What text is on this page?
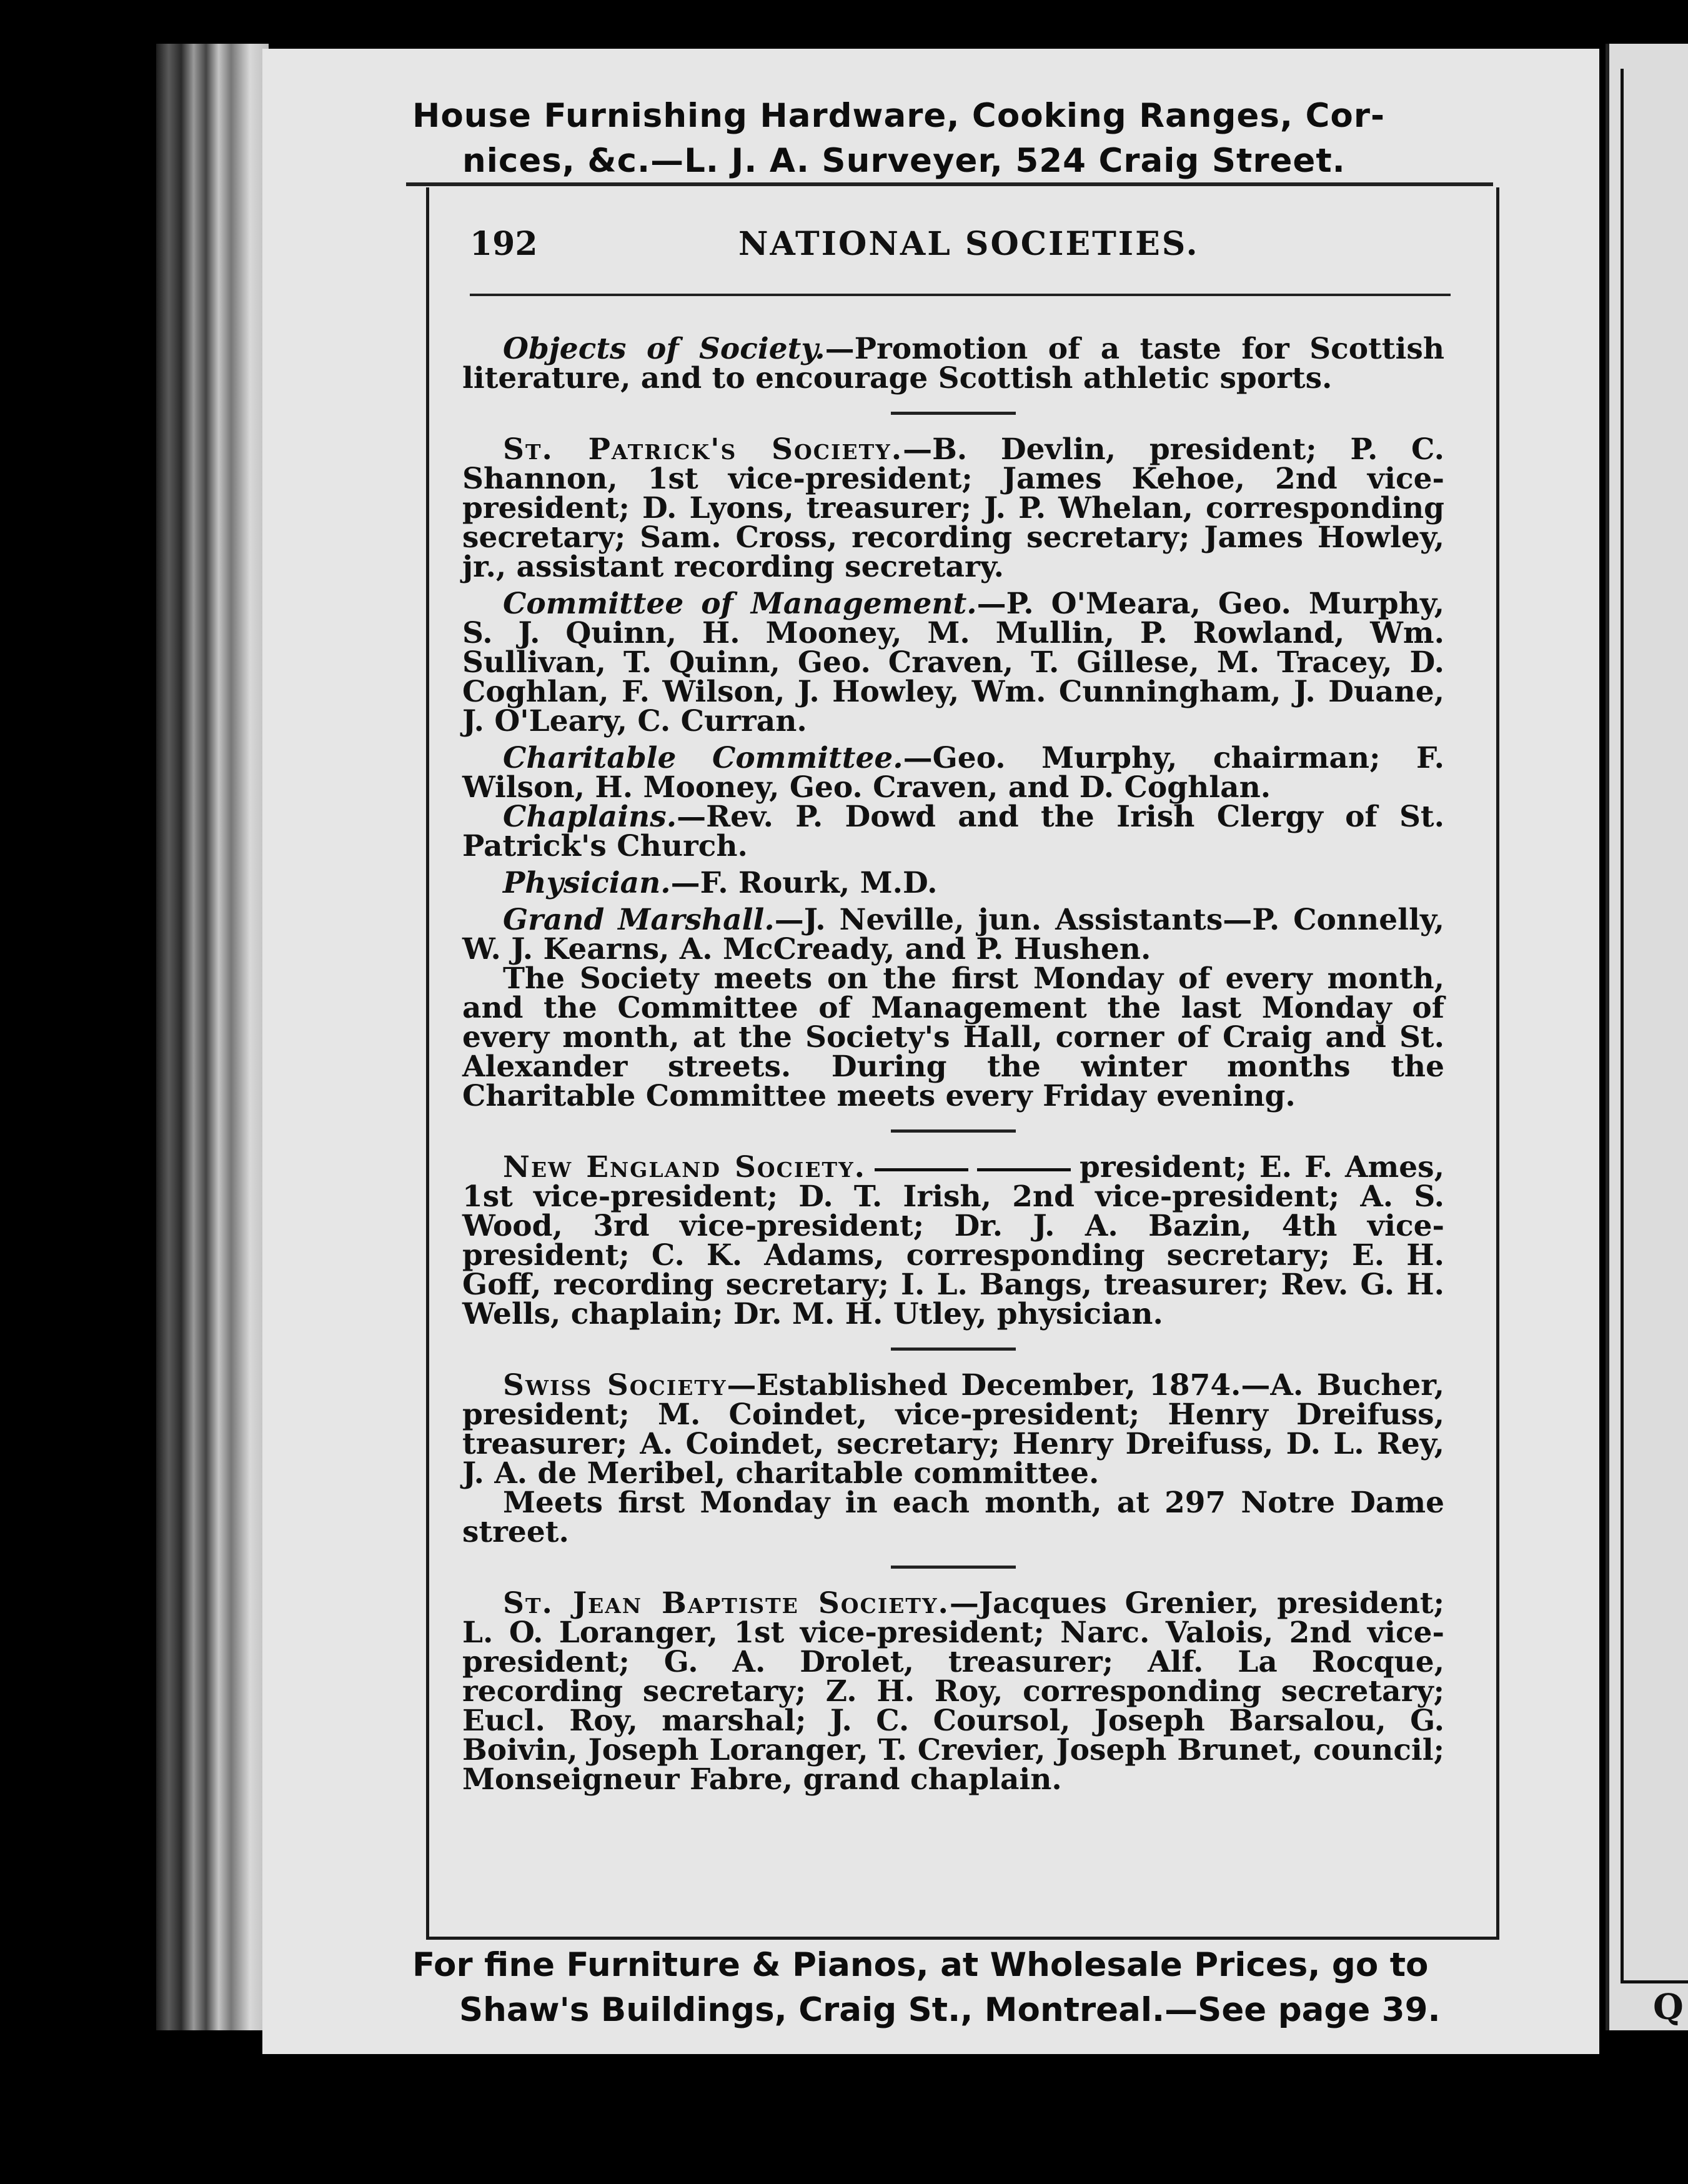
Q
House Furnishing Hardware, Cooking Ranges, Cor-
nices, &c.—L. J. A. Surveyer, 524 Craig Street.
192	NATIONAL SOCIETIES.

Objects of Society.—Promotion of a taste for Scottish literature, and to encourage Scottish athletic sports.

St. Patrick's Society.—B. Devlin, president; P. C. Shannon, 1st vice-president; James Kehoe, 2nd vice-president; D. Lyons, treasurer; J. P. Whelan, corresponding secretary; Sam. Cross, recording secretary; James Howley, jr., assistant recording secretary.

Committee of Management.—P. O'Meara, Geo. Murphy, S. J. Quinn, H. Mooney, M. Mullin, P. Rowland, Wm. Sullivan, T. Quinn, Geo. Craven, T. Gillese, M. Tracey, D. Coghlan, F. Wilson, J. Howley, Wm. Cunningham, J. Duane, J. O'Leary, C. Curran.

Charitable Committee.—Geo. Murphy, chairman; F. Wilson, H. Mooney, Geo. Craven, and D. Coghlan.

Chaplains.—Rev. P. Dowd and the Irish Clergy of St. Patrick's Church.

Physician.—F. Rourk, M.D.

Grand Marshall.—J. Neville, jun. Assistants—P. Connelly, W. J. Kearns, A. McCready, and P. Hushen.

The Society meets on the first Monday of every month, and the Committee of Management the last Monday of every month, at the Society's Hall, corner of Craig and St. Alexander streets. During the winter months the Charitable Committee meets every Friday evening.

New England Society.	president; E. F. Ames, 1st vice-president; D. T. Irish, 2nd vice-president; A. S. Wood, 3rd vice-president; Dr. J. A. Bazin, 4th vice-president; C. K. Adams, corresponding secretary; E. H. Goff, recording secretary; I. L. Bangs, treasurer; Rev. G. H. Wells, chaplain; Dr. M. H. Utley, physician.

Swiss Society—Established December, 1874.—A. Bucher, president; M. Coindet, vice-president; Henry Dreifuss, treasurer; A. Coindet, secretary; Henry Dreifuss, D. L. Rey, J. A. de Meribel, charitable committee.

Meets first Monday in each month, at 297 Notre Dame street.

St. Jean Baptiste Society.—Jacques Grenier, president; L. O. Loranger, 1st vice-president; Narc. Valois, 2nd vice-president; G. A. Drolet, treasurer; Alf. La Rocque, recording secretary; Z. H. Roy, corresponding secretary; Eucl. Roy, marshal; J. C. Coursol, Joseph Barsalou, G. Boivin, Joseph Loranger, T. Crevier, Joseph Brunet, council; Monseigneur Fabre, grand chaplain.

For fine Furniture & Pianos, at Wholesale Prices, go to
Shaw's Buildings, Craig St., Montreal.—See page 39.
